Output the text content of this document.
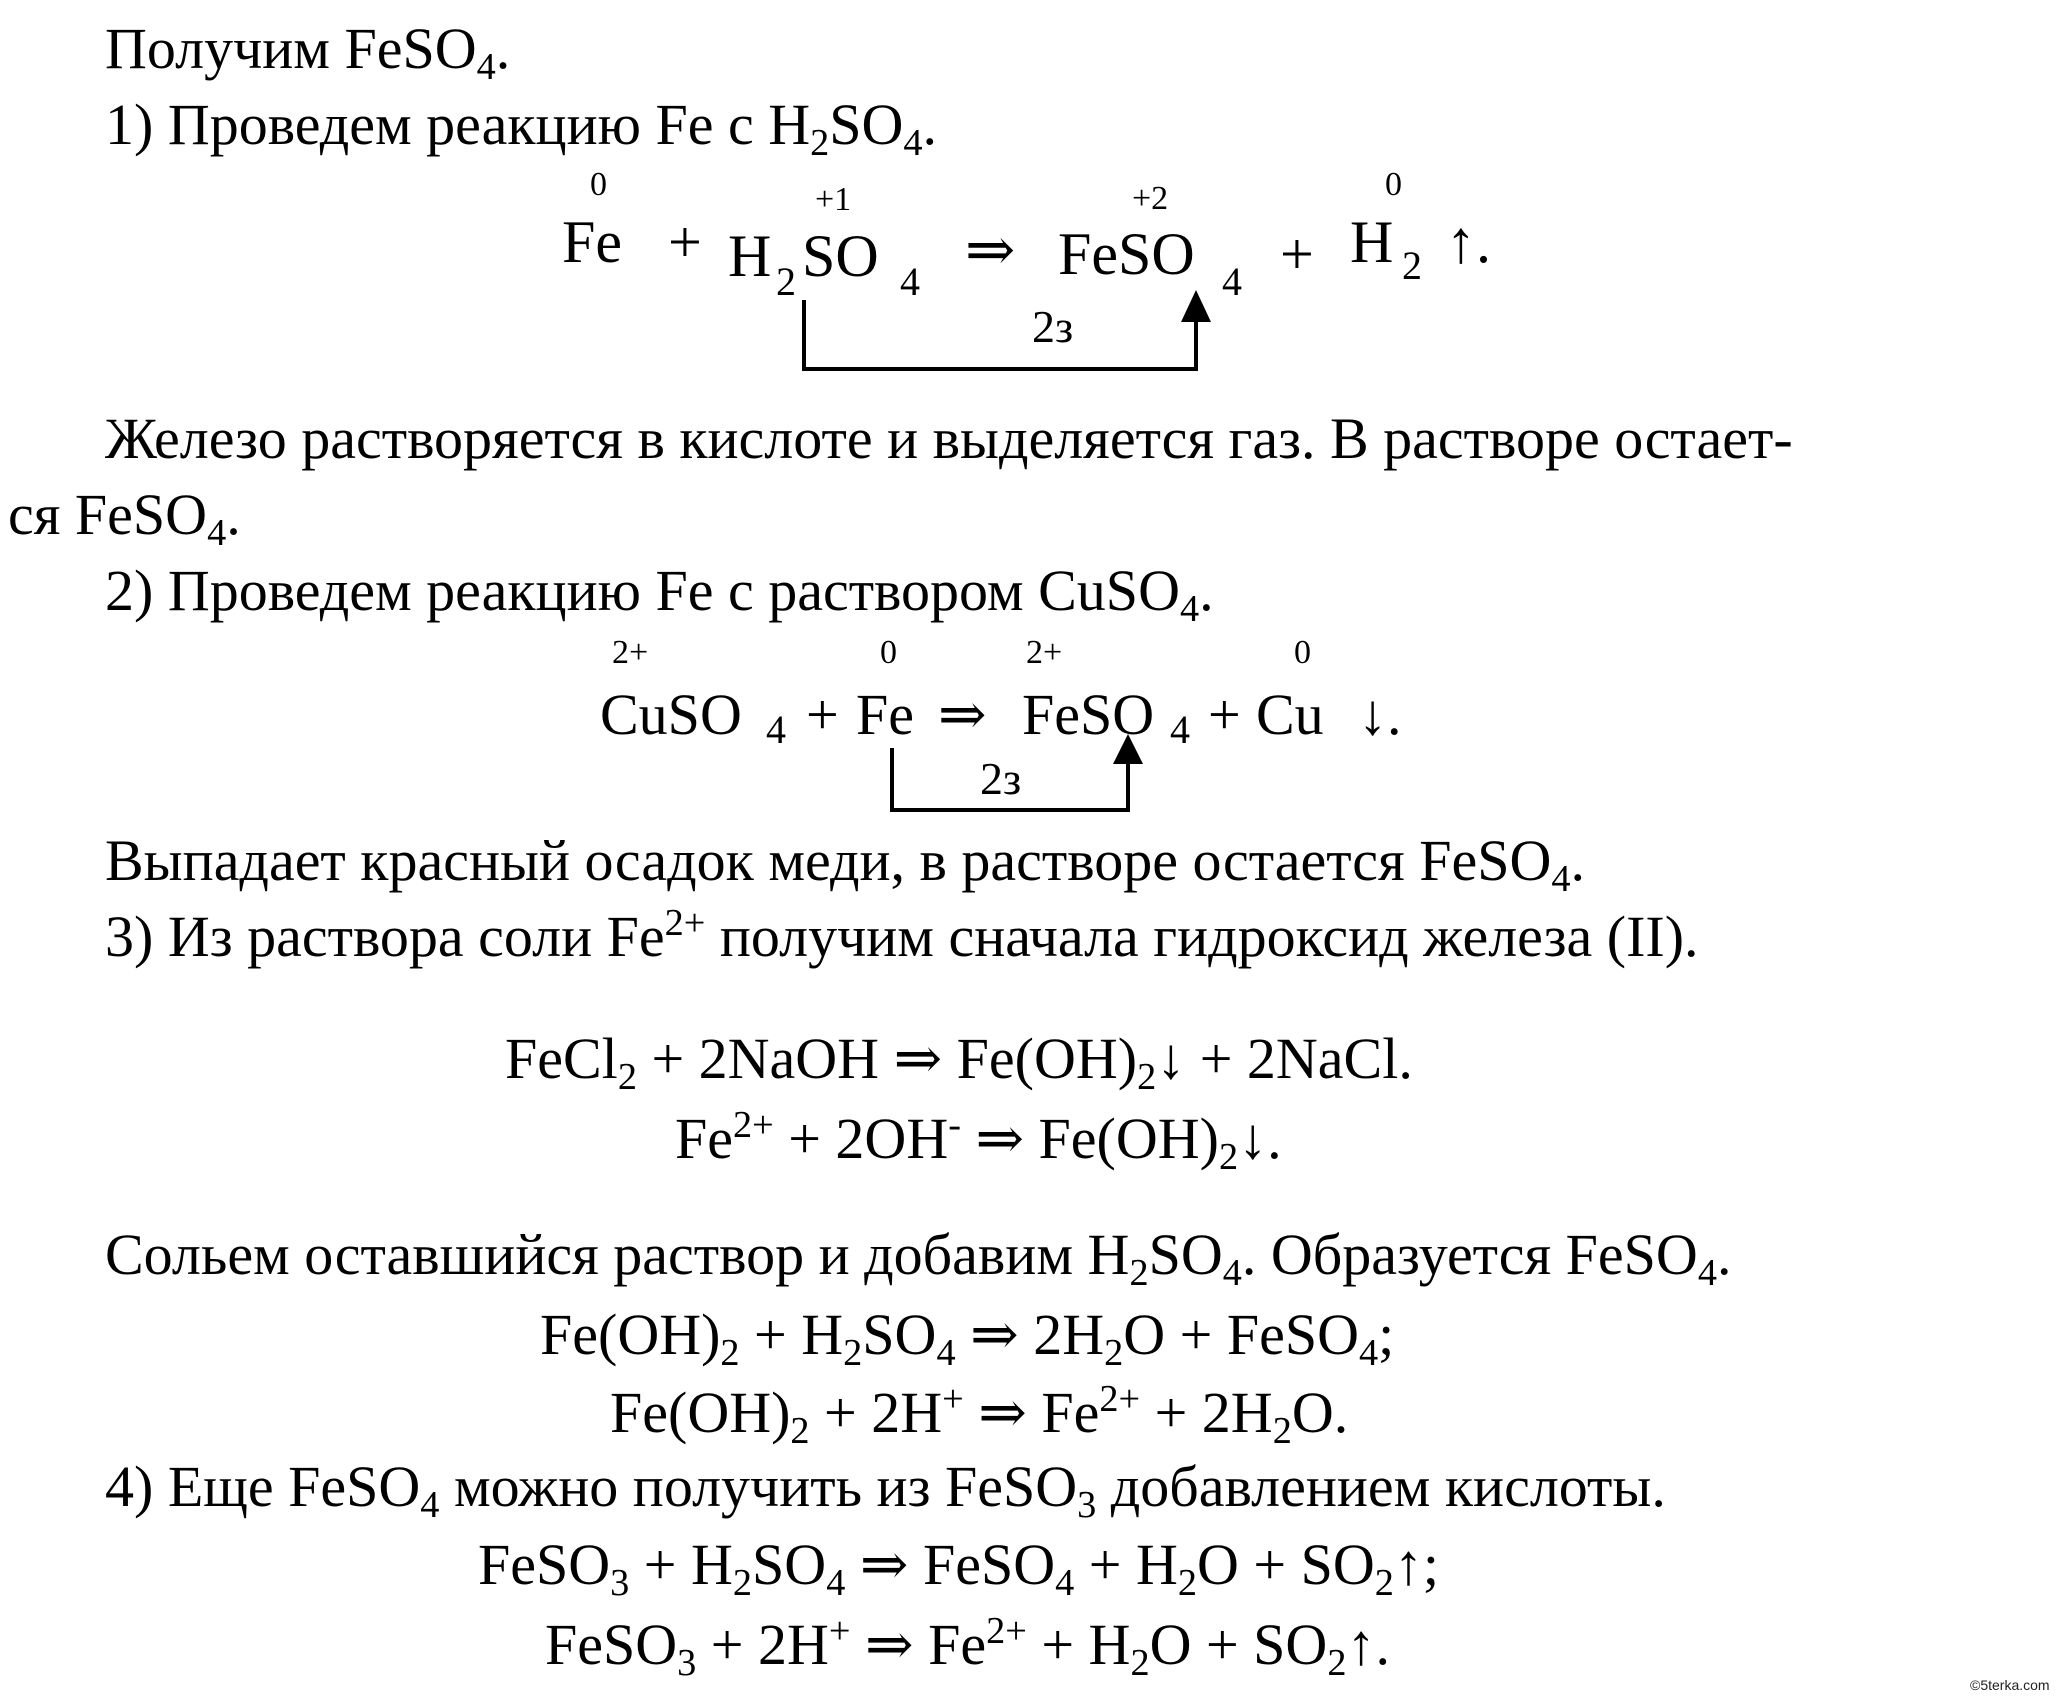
Получим FeSO$_4$.
1) Проведем реакцию Fe с $H_2SO_4$.
0
Fe + H 2
+1
SO 4 ⇒
+2
FeSO 4 +
0
H 2 ↑.
2з
Железо растворяется в кислоте и выделяется газ. В растворе остает-
ся FeSO$_4$.
2) Проведем реакцию Fe с раствором CuSO$_4$.
2+
CuSO 4 +
0
Fe ⇒
2+
FeSO 4 +
0
Cu ↓.
2з
Выпадает красный осадок меди, в растворе остается FeSO$_4$.
3) Из раствора соли $Fe^{2+}$ получим сначала гидроксид железа (II).
FeCl$_2$ + 2NaOH ⇒ $Fe(OH)_2↓$ + 2NaCl.
$Fe^{2+} + 2OH^-$ ⇒ $Fe(OH)_2↓$.
Сольем оставшийся раствор и добавим $H_2SO_4$. Образуется FeSO$_4$.
$Fe(OH)_2 + H_2SO_4$ ⇒ $2H_2O$ + FeSO$_4$;
$Fe(OH)_2 + 2H^+$ ⇒ $Fe^{2+} + 2H_2O$.
4) Еще FeSO$_4$ можно получить из FeSO$_3$ добавлением кислоты.
FeSO$_3$ + $H_2SO_4$ ⇒ FeSO$_4$ + $H_2O$ + $SO_2↑$;
FeSO$_3$ + 2H+ ⇒ $Fe^{2+} + H_2O$ + $SO_2↑$.
©5terka.com
